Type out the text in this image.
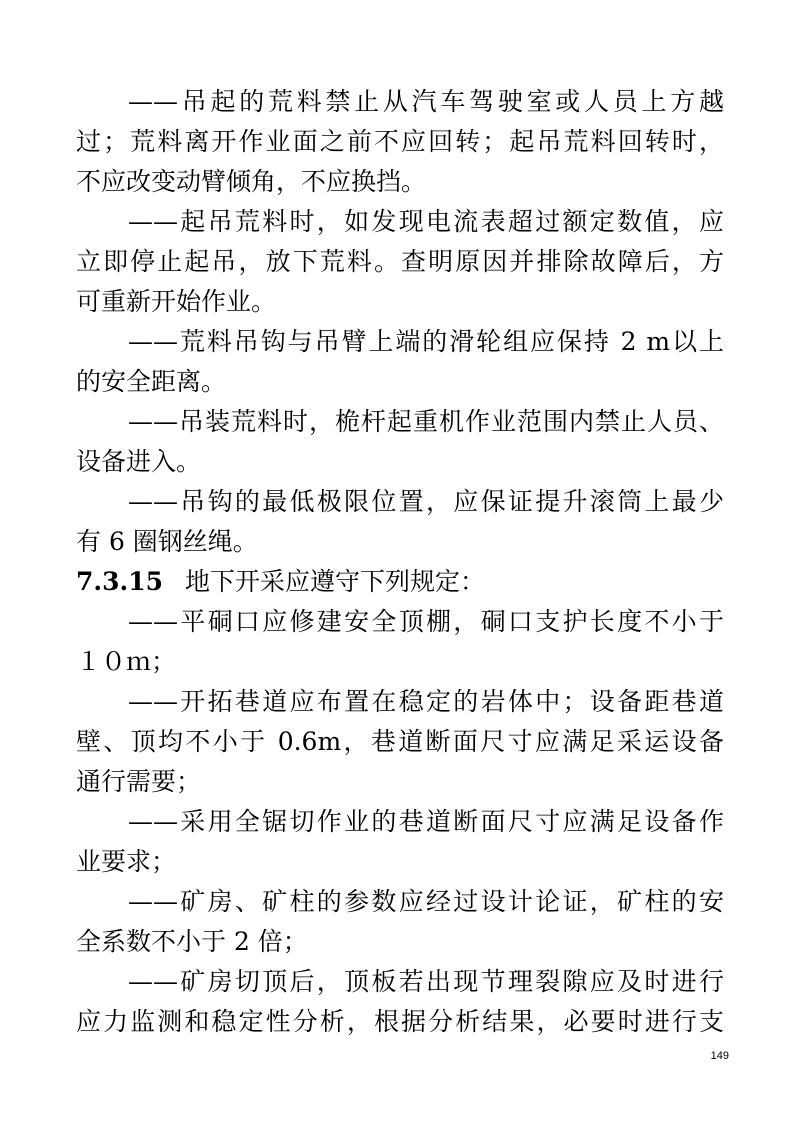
——吊起的荒料禁止从汽车驾驶室或人员上方越
过；荒料离开作业面之前不应回转；起吊荒料回转时，
不应改变动臂倾角，不应换挡。
——起吊荒料时，如发现电流表超过额定数值，应
立即停止起吊，放下荒料。查明原因并排除故障后，方
可重新开始作业。
——荒料吊钩与吊臂上端的滑轮组应保持 2 m以上
的安全距离。
——吊装荒料时，桅杆起重机作业范围内禁止人员、
设备进入。
——吊钩的最低极限位置，应保证提升滚筒上最少
有 6 圈钢丝绳。
7.3.15 地下开采应遵守下列规定：
——平硐口应修建安全顶棚，硐口支护长度不小于
１０ｍ；
——开拓巷道应布置在稳定的岩体中；设备距巷道
壁、顶均不小于 0.6m，巷道断面尺寸应满足采运设备
通行需要；
——采用全锯切作业的巷道断面尺寸应满足设备作
业要求；
——矿房、矿柱的参数应经过设计论证，矿柱的安
全系数不小于 2 倍；
——矿房切顶后，顶板若出现节理裂隙应及时进行
应力监测和稳定性分析，根据分析结果，必要时进行支
149
